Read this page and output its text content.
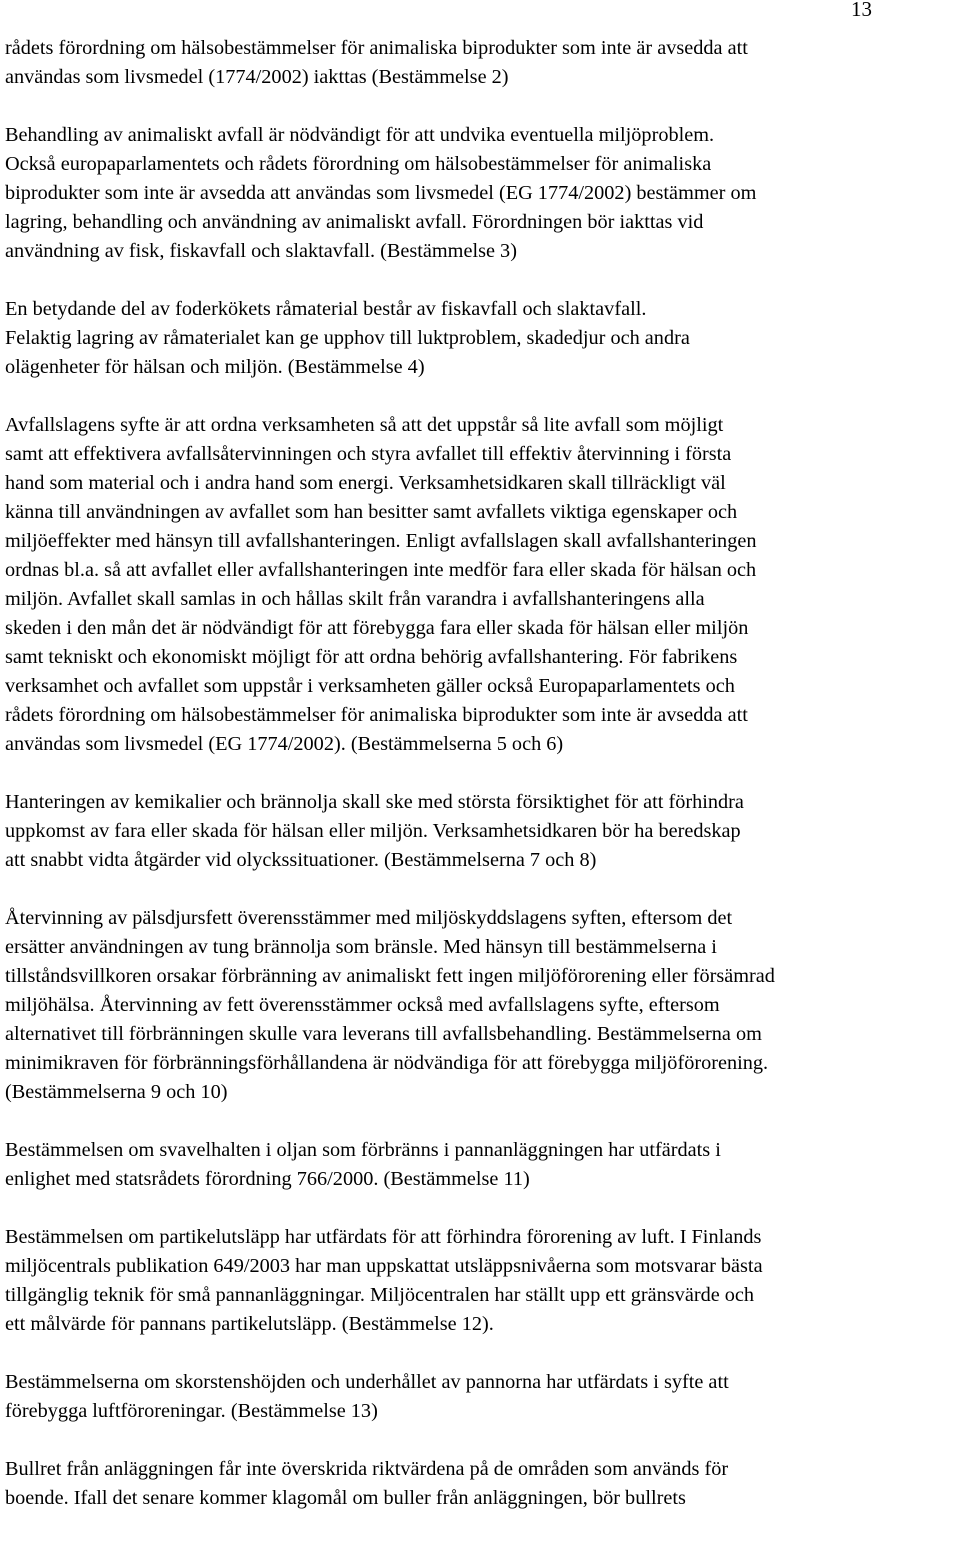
13

rådets förordning om hälsobestämmelser för animaliska biprodukter som inte är avsedda att
användas som livsmedel (1774/2002) iakttas (Bestämmelse 2)

Behandling av animaliskt avfall är nödvändigt för att undvika eventuella miljöproblem.
Också europaparlamentets och rådets förordning om hälsobestämmelser för animaliska
biprodukter som inte är avsedda att användas som livsmedel (EG 1774/2002) bestämmer om
lagring, behandling och användning av animaliskt avfall. Förordningen bör iakttas vid
användning av fisk, fiskavfall och slaktavfall. (Bestämmelse 3)

En betydande del av foderkökets råmaterial består av fiskavfall och slaktavfall.
Felaktig lagring av råmaterialet kan ge upphov till luktproblem, skadedjur och andra
olägenheter för hälsan och miljön. (Bestämmelse 4)

Avfallslagens syfte är att ordna verksamheten så att det uppstår så lite avfall som möjligt
samt att effektivera avfallsåtervinningen och styra avfallet till effektiv återvinning i första
hand som material och i andra hand som energi. Verksamhetsidkaren skall tillräckligt väl
känna till användningen av avfallet som han besitter samt avfallets viktiga egenskaper och
miljöeffekter med hänsyn till avfallshanteringen. Enligt avfallslagen skall avfallshanteringen
ordnas bl.a. så att avfallet eller avfallshanteringen inte medför fara eller skada för hälsan och
miljön. Avfallet skall samlas in och hållas skilt från varandra i avfallshanteringens alla
skeden i den mån det är nödvändigt för att förebygga fara eller skada för hälsan eller miljön
samt tekniskt och ekonomiskt möjligt för att ordna behörig avfallshantering. För fabrikens
verksamhet och avfallet som uppstår i verksamheten gäller också Europaparlamentets och
rådets förordning om hälsobestämmelser för animaliska biprodukter som inte är avsedda att
användas som livsmedel (EG 1774/2002). (Bestämmelserna 5 och 6)

Hanteringen av kemikalier och brännolja skall ske med största försiktighet för att förhindra
uppkomst av fara eller skada för hälsan eller miljön. Verksamhetsidkaren bör ha beredskap
att snabbt vidta åtgärder vid olyckssituationer. (Bestämmelserna 7 och 8)

Återvinning av pälsdjursfett överensstämmer med miljöskyddslagens syften, eftersom det
ersätter användningen av tung brännolja som bränsle. Med hänsyn till bestämmelserna i
tillståndsvillkoren orsakar förbränning av animaliskt fett ingen miljöförorening eller försämrad
miljöhälsa. Återvinning av fett överensstämmer också med avfallslagens syfte, eftersom
alternativet till förbränningen skulle vara leverans till avfallsbehandling. Bestämmelserna om
minimikraven för förbränningsförhållandena är nödvändiga för att förebygga miljöförorening.
(Bestämmelserna 9 och 10)

Bestämmelsen om svavelhalten i oljan som förbränns i pannanläggningen har utfärdats i
enlighet med statsrådets förordning 766/2000. (Bestämmelse 11)

Bestämmelsen om partikelutsläpp har utfärdats för att förhindra förorening av luft. I Finlands
miljöcentrals publikation 649/2003 har man uppskattat utsläppsnivåerna som motsvarar bästa
tillgänglig teknik för små pannanläggningar. Miljöcentralen har ställt upp ett gränsvärde och
ett målvärde för pannans partikelutsläpp. (Bestämmelse 12).

Bestämmelserna om skorstenshöjden och underhållet av pannorna har utfärdats i syfte att
förebygga luftföroreningar. (Bestämmelse 13)

Bullret från anläggningen får inte överskrida riktvärdena på de områden som används för
boende. Ifall det senare kommer klagomål om buller från anläggningen, bör bullrets
